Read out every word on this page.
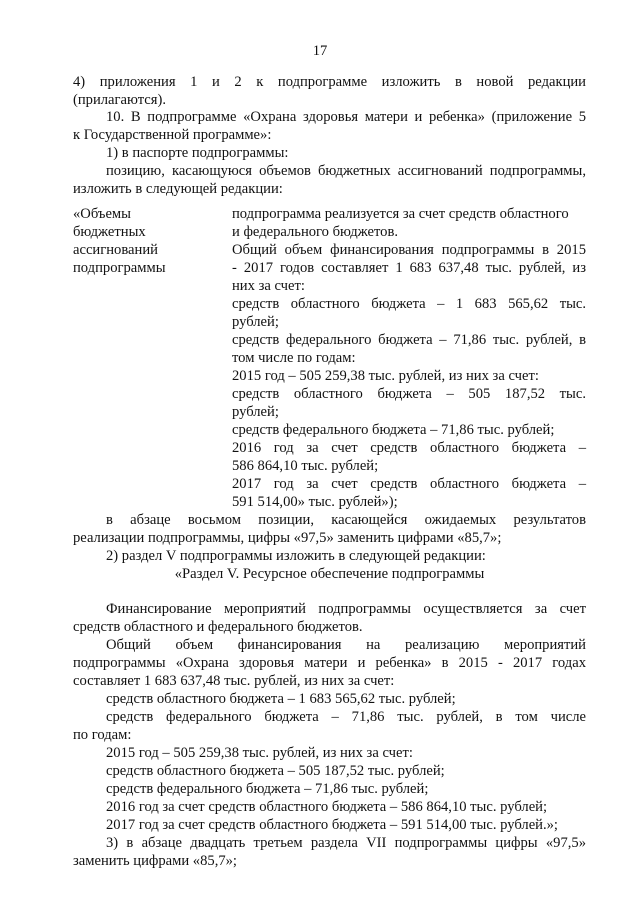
17
4) приложения 1 и 2 к подпрограмме изложить в новой редакции
(прилагаются).
10. В подпрограмме «Охрана здоровья матери и ребенка» (приложение 5
к Государственной программе»:
1) в паспорте подпрограммы:
позицию, касающуюся объемов бюджетных ассигнований подпрограммы,
изложить в следующей редакции:
«Объемы
бюджетных
ассигнований
подпрограммы
подпрограмма реализуется за счет средств областного
и федерального бюджетов.
Общий объем финансирования подпрограммы в 2015
- 2017 годов составляет 1 683 637,48 тыс. рублей, из
них за счет:
средств областного бюджета – 1 683 565,62 тыс.
рублей;
средств федерального бюджета – 71,86 тыс. рублей, в
том числе по годам:
2015 год – 505 259,38 тыс. рублей, из них за счет:
средств областного бюджета – 505 187,52 тыс.
рублей;
средств федерального бюджета – 71,86 тыс. рублей;
2016 год за счет средств областного бюджета –
586 864,10 тыс. рублей;
2017 год за счет средств областного бюджета –
591 514,00» тыс. рублей»);
в абзаце восьмом позиции, касающейся ожидаемых результатов
реализации подпрограммы, цифры «97,5» заменить цифрами «85,7»;
2) раздел V подпрограммы изложить в следующей редакции:
«Раздел V. Ресурсное обеспечение подпрограммы
Финансирование мероприятий подпрограммы осуществляется за счет
средств областного и федерального бюджетов.
Общий объем финансирования на реализацию мероприятий
подпрограммы «Охрана здоровья матери и ребенка» в 2015 - 2017 годах
составляет 1 683 637,48 тыс. рублей, из них за счет:
средств областного бюджета – 1 683 565,62 тыс. рублей;
средств федерального бюджета – 71,86 тыс. рублей, в том числе
по годам:
2015 год – 505 259,38 тыс. рублей, из них за счет:
средств областного бюджета – 505 187,52 тыс. рублей;
средств федерального бюджета – 71,86 тыс. рублей;
2016 год за счет средств областного бюджета – 586 864,10 тыс. рублей;
2017 год за счет средств областного бюджета – 591 514,00 тыс. рублей.»;
3) в абзаце двадцать третьем раздела VII подпрограммы цифры «97,5»
заменить цифрами «85,7»;
